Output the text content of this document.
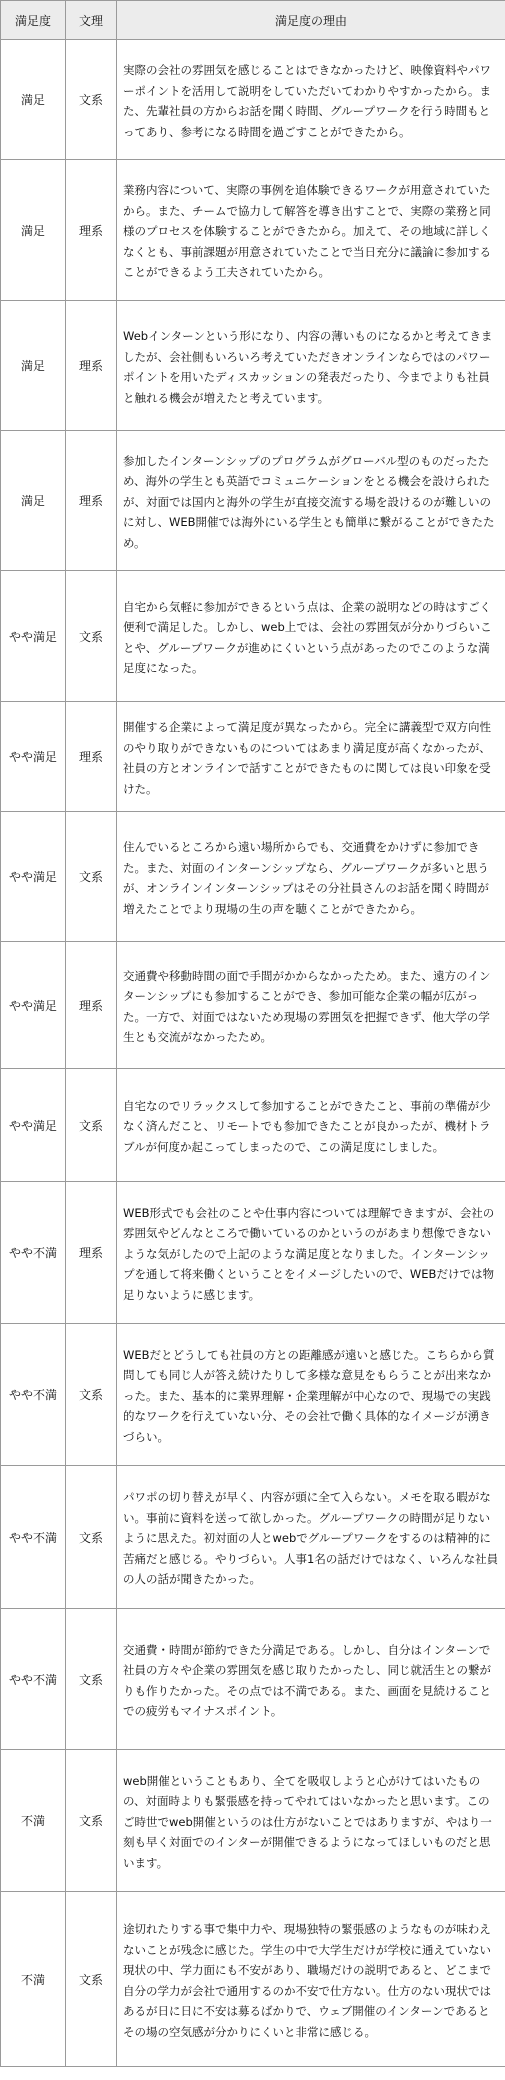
満足度	文理	満足度の理由
満足	文系	実際の会社の雰囲気を感じることはできなかったけど、映像資料やパワーポイントを活用して説明をしていただいてわかりやすかったから。また、先輩社員の方からお話を聞く時間、グループワークを行う時間もとってあり、参考になる時間を過ごすことができたから。
満足	理系	業務内容について、実際の事例を追体験できるワークが用意されていたから。また、チームで協力して解答を導き出すことで、実際の業務と同様のプロセスを体験することができたから。加えて、その地域に詳しくなくとも、事前課題が用意されていたことで当日充分に議論に参加することができるよう工夫されていたから。
満足	理系	Webインターンという形になり、内容の薄いものになるかと考えてきましたが、会社側もいろいろ考えていただきオンラインならではのパワーポイントを用いたディスカッションの発表だったり、今までよりも社員と触れる機会が増えたと考えています。
満足	理系	参加したインターンシップのプログラムがグローバル型のものだったため、海外の学生とも英語でコミュニケーションをとる機会を設けられたが、対面では国内と海外の学生が直接交流する場を設けるのが難しいのに対し、WEB開催では海外にいる学生とも簡単に繋がることができたため。
やや満足	文系	自宅から気軽に参加ができるという点は、企業の説明などの時はすごく便利で満足した。しかし、web上では、会社の雰囲気が分かりづらいことや、グループワークが進めにくいという点があったのでこのような満足度になった。
やや満足	理系	開催する企業によって満足度が異なったから。完全に講義型で双方向性のやり取りができないものについてはあまり満足度が高くなかったが、社員の方とオンラインで話すことができたものに関しては良い印象を受けた。
やや満足	文系	住んでいるところから遠い場所からでも、交通費をかけずに参加できた。また、対面のインターンシップなら、グループワークが多いと思うが、オンラインインターンシップはその分社員さんのお話を聞く時間が増えたことでより現場の生の声を聴くことができたから。
やや満足	理系	交通費や移動時間の面で手間がかからなかったため。また、遠方のインターンシップにも参加することができ、参加可能な企業の幅が広がった。一方で、対面ではないため現場の雰囲気を把握できず、他大学の学生とも交流がなかったため。
やや満足	文系	自宅なのでリラックスして参加することができたこと、事前の準備が少なく済んだこと、リモートでも参加できたことが良かったが、機材トラブルが何度か起こってしまったので、この満足度にしました。
やや不満	理系	WEB形式でも会社のことや仕事内容については理解できますが、会社の雰囲気やどんなところで働いているのかというのがあまり想像できないような気がしたので上記のような満足度となりました。インターンシップを通して将来働くということをイメージしたいので、WEBだけでは物足りないように感じます。
やや不満	文系	WEBだとどうしても社員の方との距離感が遠いと感じた。こちらから質問しても同じ人が答え続けたりして多様な意見をもらうことが出来なかった。また、基本的に業界理解・企業理解が中心なので、現場での実践的なワークを行えていない分、その会社で働く具体的なイメージが湧きづらい。
やや不満	文系	パワポの切り替えが早く、内容が頭に全て入らない。メモを取る暇がない。事前に資料を送って欲しかった。グループワークの時間が足りないように思えた。初対面の人とwebでグループワークをするのは精神的に苦痛だと感じる。やりづらい。人事1名の話だけではなく、いろんな社員の人の話が聞きたかった。
やや不満	文系	交通費・時間が節約できた分満足である。しかし、自分はインターンで社員の方々や企業の雰囲気を感じ取りたかったし、同じ就活生との繋がりも作りたかった。その点では不満である。また、画面を見続けることでの疲労もマイナスポイント。
不満	文系	web開催ということもあり、全てを吸収しようと心がけてはいたものの、対面時よりも緊張感を持ってやれてはいなかったと思います。このご時世でweb開催というのは仕方がないことではありますが、やはり一刻も早く対面でのインターが開催できるようになってほしいものだと思います。
不満	文系	途切れたりする事で集中力や、現場独特の緊張感のようなものが味わえないことが残念に感じた。学生の中で大学生だけが学校に通えていない現状の中、学力面にも不安があり、職場だけの説明であると、どこまで自分の学力が会社で通用するのか不安で仕方ない。仕方のない現状ではあるが日に日に不安は募るばかりで、ウェブ開催のインターンであるとその場の空気感が分かりにくいと非常に感じる。
